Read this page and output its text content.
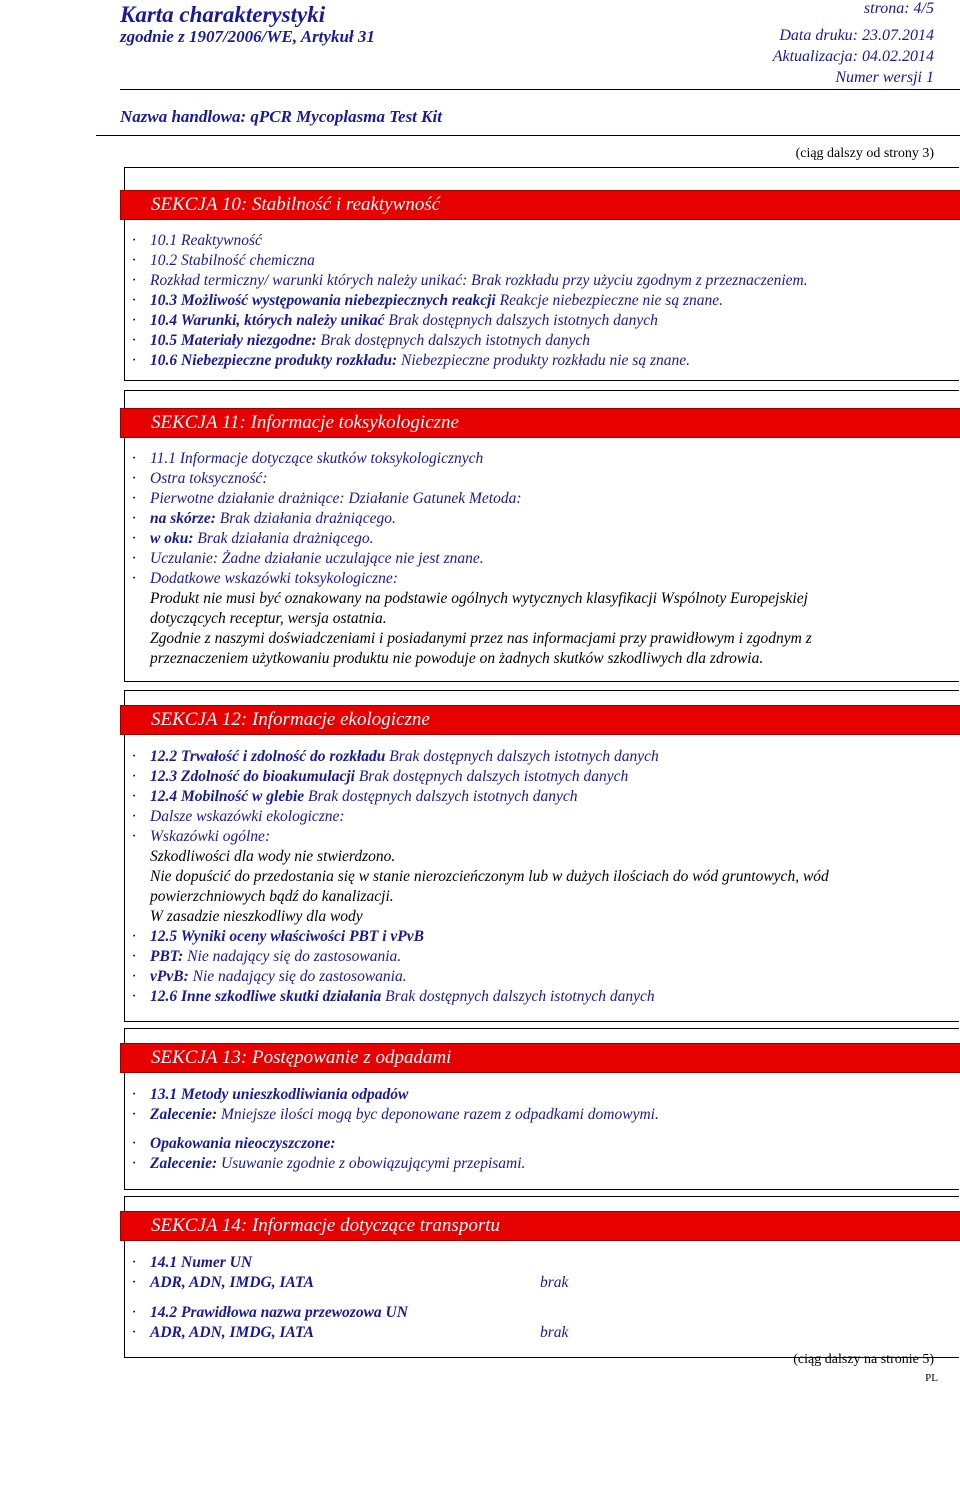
Karta charakterystyki
zgodnie z 1907/2006/WE, Artykuł 31
strona: 4/5
Data druku: 23.07.2014
Aktualizacja: 04.02.2014
Numer wersji 1
Nazwa handlowa: qPCR Mycoplasma Test Kit
(ciąg dalszy od strony 3)
SEKCJA 10: Stabilność i reaktywność
· 10.1 Reaktywność
· 10.2 Stabilność chemiczna
· Rozkład termiczny/ warunki których należy unikać: Brak rozkładu przy użyciu zgodnym z przeznaczeniem.
· 10.3 Możliwość występowania niebezpiecznych reakcji Reakcje niebezpieczne nie są znane.
· 10.4 Warunki, których należy unikać Brak dostępnych dalszych istotnych danych
· 10.5 Materiały niezgodne: Brak dostępnych dalszych istotnych danych
· 10.6 Niebezpieczne produkty rozkładu: Niebezpieczne produkty rozkładu nie są znane.
SEKCJA 11: Informacje toksykologiczne
· 11.1 Informacje dotyczące skutków toksykologicznych
· Ostra toksyczność:
· Pierwotne działanie drażniące: Działanie Gatunek Metoda:
· na skórze: Brak działania drażniącego.
· w oku: Brak działania drażniącego.
· Uczulanie: Żadne działanie uczulające nie jest znane.
· Dodatkowe wskazówki toksykologiczne:
Produkt nie musi być oznakowany na podstawie ogólnych wytycznych klasyfikacji Wspólnoty Europejskiej
dotyczących receptur, wersja ostatnia.
Zgodnie z naszymi doświadczeniami i posiadanymi przez nas informacjami przy prawidłowym i zgodnym z
przeznaczeniem użytkowaniu produktu nie powoduje on żadnych skutków szkodliwych dla zdrowia.
SEKCJA 12: Informacje ekologiczne
· 12.2 Trwałość i zdolność do rozkładu Brak dostępnych dalszych istotnych danych
· 12.3 Zdolność do bioakumulacji Brak dostępnych dalszych istotnych danych
· 12.4 Mobilność w glebie Brak dostępnych dalszych istotnych danych
· Dalsze wskazówki ekologiczne:
· Wskazówki ogólne:
Szkodliwości dla wody nie stwierdzono.
Nie dopuścić do przedostania się w stanie nierozcieńczonym lub w dużych ilościach do wód gruntowych, wód
powierzchniowych bądź do kanalizacji.
W zasadzie nieszkodliwy dla wody
· 12.5 Wyniki oceny właściwości PBT i vPvB
· PBT: Nie nadający się do zastosowania.
· vPvB: Nie nadający się do zastosowania.
· 12.6 Inne szkodliwe skutki działania Brak dostępnych dalszych istotnych danych
SEKCJA 13: Postępowanie z odpadami
· 13.1 Metody unieszkodliwiania odpadów
· Zalecenie: Mniejsze ilości mogą byc deponowane razem z odpadkami domowymi.
· Opakowania nieoczyszczone:
· Zalecenie: Usuwanie zgodnie z obowiązującymi przepisami.
SEKCJA 14: Informacje dotyczące transportu
· 14.1 Numer UN
· ADR, ADN, IMDG, IATA	brak
· 14.2 Prawidłowa nazwa przewozowa UN
· ADR, ADN, IMDG, IATA	brak
(ciąg dalszy na stronie 5)
PL
